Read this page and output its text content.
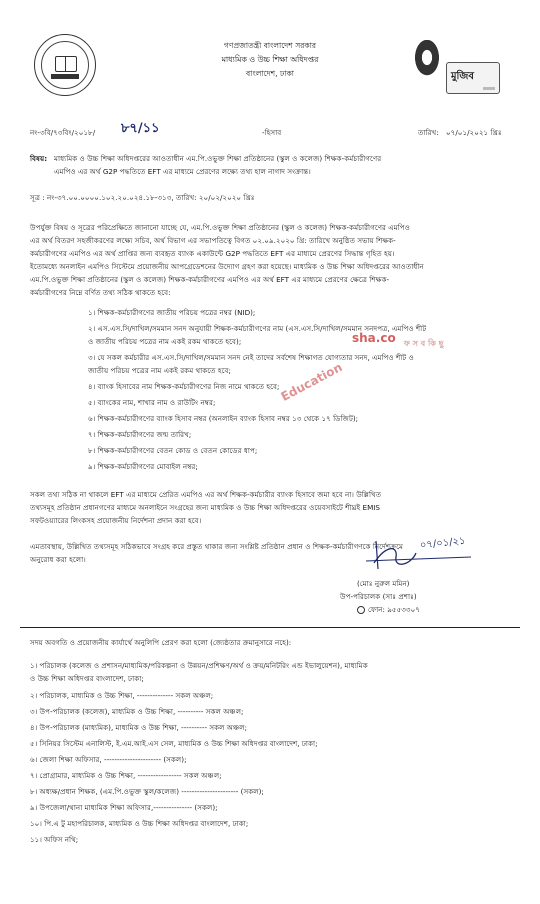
মুজিব
গণপ্রজাতন্ত্রী বাংলাদেশ সরকার
মাধ্যমিক ও উচ্চ শিক্ষা অধিদপ্তর
বাংলাদেশ, ঢাকা
নং-৩বি/৭৩বিং/২০১৮/ ৮৭/১১	-হিসাব	তারিখ: ০৭/০১/২০২১ খ্রিঃ
বিষয়: মাধ্যমিক ও উচ্চ শিক্ষা অধিদপ্তরের আওতাধীন এম.পি.ওভুক্ত শিক্ষা প্রতিষ্ঠানের (স্কুল ও কলেজ) শিক্ষক-কর্মচারীগণের
এমপিও এর অর্থ G2P পদ্ধতিতে EFT এর মাধ্যমে প্রেরণের লক্ষ্যে তথ্য হাল নাগাদ সংক্রান্ত।
সূত্র : নং-৩৭.০০.০০০০.১০২.২০.০২৪.১৮-৩১৩, তারিখ: ২০/০২/২০২০ খ্রিঃ
উপর্যুক্ত বিষয় ও সূত্রের পরিপ্রেক্ষিতে জানানো যাচ্ছে যে, এম.পি.ওভুক্ত শিক্ষা প্রতিষ্ঠানের (স্কুল ও কলেজ) শিক্ষক-কর্মচারীগণের এমপিও
এর অর্থ বিতরণ সহজীকরণের লক্ষ্যে সচিব, অর্থ বিভাগ এর সভাপতিত্বে বিগত ০২.০৯.২০২০ খ্রি: তারিখে অনুষ্ঠিত সভায় শিক্ষক-
কর্মচারীগণের এমপিও এর অর্থ প্রাপ্তির জন্য ব্যবহৃত ব্যাংক একাউন্টে G2P পদ্ধতিতে EFT এর মাধ্যমে প্রেরণের সিদ্ধান্ত গৃহিত হয়।
ইতোমধ্যে অনলাইন এমপিও সিস্টেমে প্রয়োজনীয় আপগ্রেডেশনের উদ্যোগ গ্রহণ করা হয়েছে। মাধ্যমিক ও উচ্চ শিক্ষা অধিদপ্তরের আওতাধীন
এম.পি.ওভুক্ত শিক্ষা প্রতিষ্ঠানের (স্কুল ও কলেজ) শিক্ষক-কর্মচারীগণের এমপিও এর অর্থ EFT এর মাধ্যমে প্রেরণের ক্ষেত্রে শিক্ষক-
কর্মচারীগণের নিম্নে বর্ণিত তথ্য সঠিক থাকতে হবে:
১। শিক্ষক-কর্মচারীগণের জাতীয় পরিচয় পত্রের নম্বর (NID);
২। এস.এস.সি/দাখিল/সমমান সনদ অনুযায়ী শিক্ষক-কর্মচারীগণের নাম (এস.এস.সি/দাখিল/সমমান সনদপত্র, এমপিও শীট
ও জাতীয় পরিচয় পত্রের নাম একই রকম থাকতে হবে);
৩। যে সকল কর্মচারীর এস.এস.সি/দাখিল/সমমান সনদ নেই তাদের সর্বশেষ শিক্ষাগত যোগ্যতার সনদ, এমপিও শীট ও
জাতীয় পরিচয় পত্রের নাম একই রকম থাকতে হবে;
৪। ব্যাংক হিসাবের নাম শিক্ষক-কর্মচারীগণের নিজ নামে থাকতে হবে;
৫। ব্যাংকের নাম, শাখার নাম ও রাউটিং নম্বর;
৬। শিক্ষক-কর্মচারীগণের ব্যাংক হিসাব নম্বর (অনলাইন ব্যাংক হিসাব নম্বর ১৩ থেকে ১৭ ডিজিট);
৭। শিক্ষক-কর্মচারীগণের জন্ম তারিখ;
৮। শিক্ষক-কর্মচারীগণের বেতন কোড ও বেতন কোডের ধাপ;
৯। শিক্ষক-কর্মচারীগণের মোবাইল নম্বর;
সকল তথ্য সঠিক না থাকলে EFT এর মাধ্যমে প্রেরিত এমপিও এর অর্থ শিক্ষক-কর্মচারীর ব্যাংক হিসাবে জমা হবে না। উল্লিখিত
তথ্যসমূহ প্রতিষ্ঠান প্রধানগণের মাধ্যমে অনলাইনে সংগ্রহের জন্য মাধ্যমিক ও উচ্চ শিক্ষা অধিদপ্তরের ওয়েবসাইটে শীঘ্রই EMIS
সফটওয়্যারের লিংকসহ প্রয়োজনীয় নির্দেশনা প্রদান করা হবে।
এমতাবস্থায়, উল্লিখিত তথ্যসমূহ সঠিকভাবে সংগ্রহ করে প্রস্তুত থাকার জন্য সংশ্লিষ্ট প্রতিষ্ঠান প্রধান ও শিক্ষক-কর্মচারীগণকে নির্দেশক্রমে
অনুরোধ করা হলো।
০৭/০১/২১
(মোঃ নুরুল মমিন)
উপ-পরিচালক (সাঃ প্রশাঃ)
ফোন: ৯৫৫৩৩০৭
সদয় অবগতি ও প্রয়োজনীয় কার্যার্থে অনুলিপি প্রেরণ করা হলো (জ্যেষ্ঠতার ক্রমানুসারে নহে):
১। পরিচালক (কলেজ ও প্রশাসন/মাধ্যমিক/পরিকল্পনা ও উন্নয়ন/প্রশিক্ষণ/অর্থ ও ক্রয়/মনিটরিং এন্ড ইভালুয়েশন), মাধ্যমিক
ও উচ্চ শিক্ষা অধিদপ্তর বাংলাদেশ, ঢাকা;
২। পরিচালক, মাধ্যমিক ও উচ্চ শিক্ষা, -------------- সকল অঞ্চল;
৩। উপ-পরিচালক (কলেজ), মাধ্যমিক ও উচ্চ শিক্ষা, ---------- সকল অঞ্চল;
৪। উপ-পরিচালক (মাধ্যমিক), মাধ্যমিক ও উচ্চ শিক্ষা, ---------- সকল অঞ্চল;
৫। সিনিয়র সিস্টেম এনালিস্ট, ই.এম.আই.এস সেল, মাধ্যমিক ও উচ্চ শিক্ষা অধিদপ্তর বাংলাদেশ, ঢাকা;
৬। জেলা শিক্ষা অফিসার, ---------------------- (সকল);
৭। প্রোগ্রামার, মাধ্যমিক ও উচ্চ শিক্ষা, ----------------- সকল অঞ্চল;
৮। অধ্যক্ষ/প্রধান শিক্ষক, (এম.পি.ওভুক্ত স্কুল/কলেজ) ---------------------- (সকল);
৯। উপজেলা/থানা মাধ্যমিক শিক্ষা অফিসার,--------------- (সকল);
১০। পি.এ টু মহাপরিচালক, মাধ্যমিক ও উচ্চ শিক্ষা অধিদপ্তর বাংলাদেশ, ঢাকা;
১১। অফিস নথি;
Education
sha.co ফ স ব কি ছু
